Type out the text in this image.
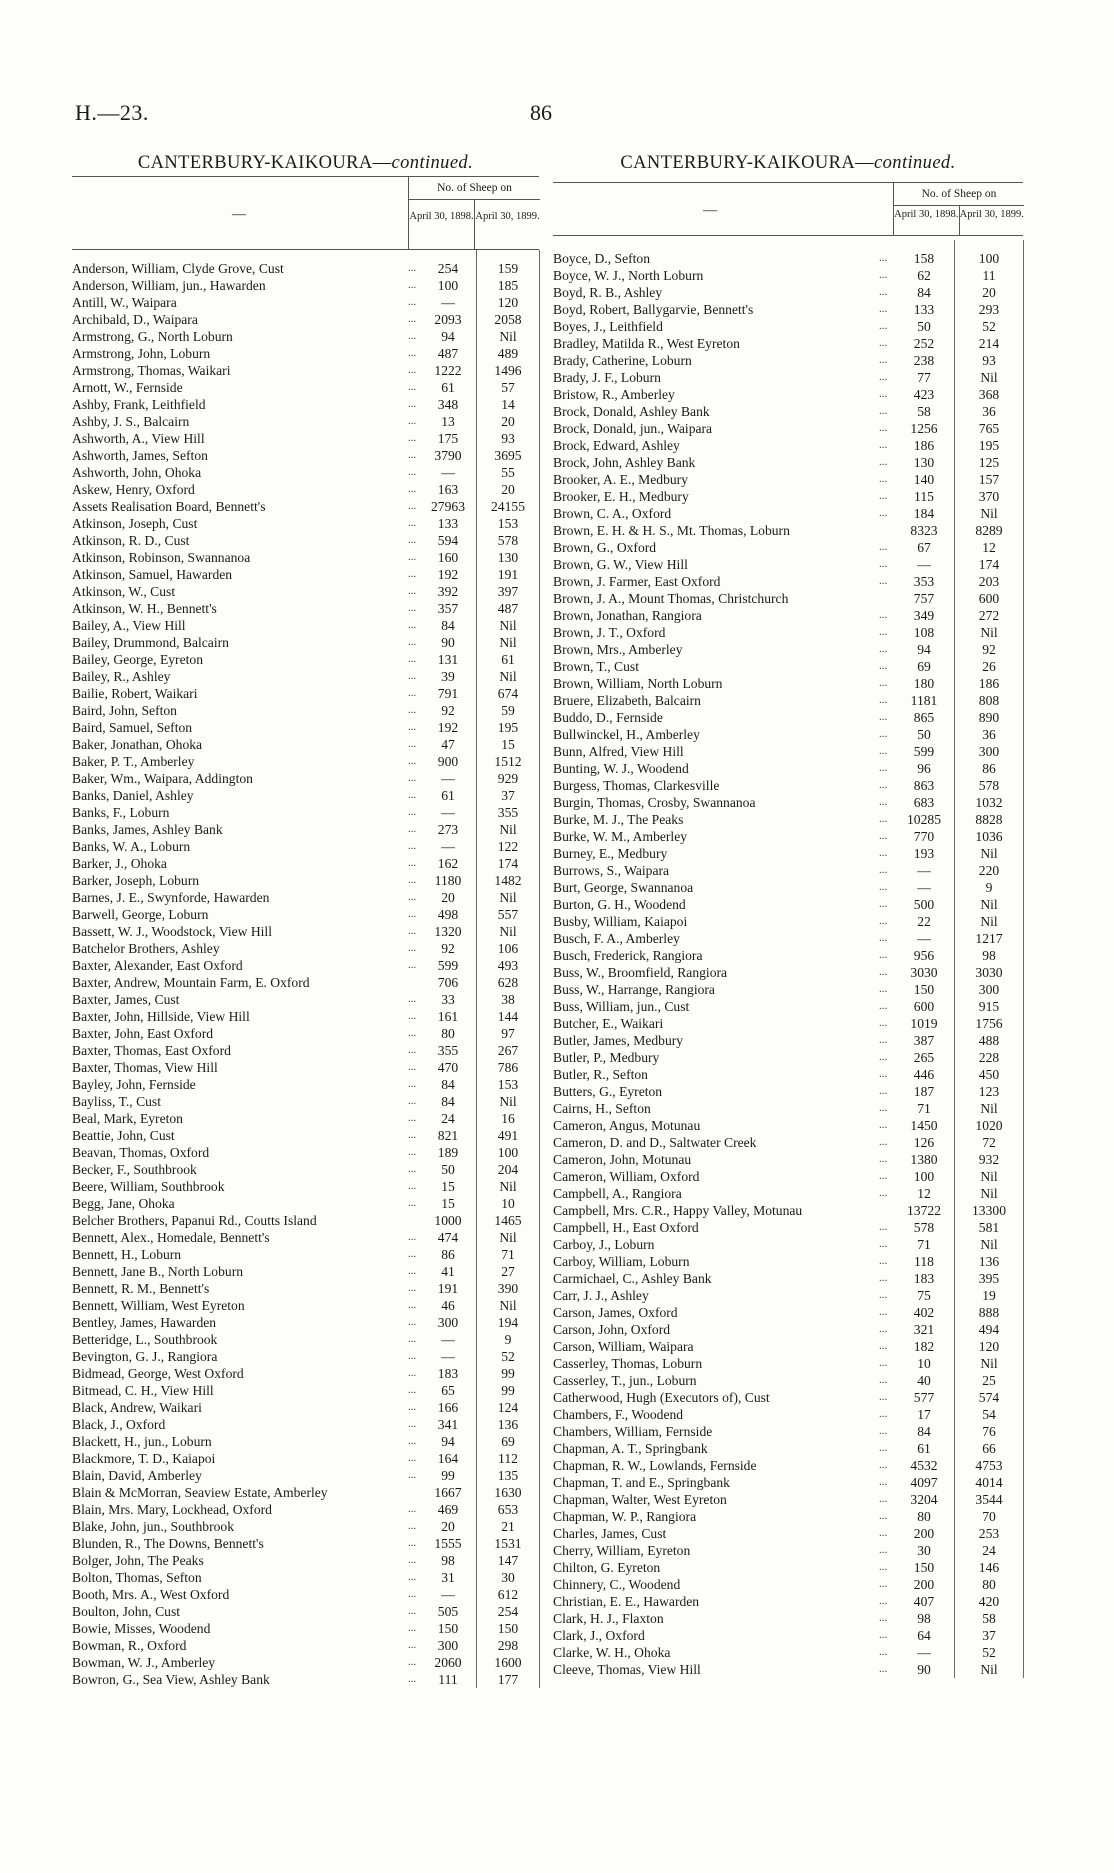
H.—23.	86
CANTERBURY-KAIKOURA—continued.
—
No. of Sheep on
April 30, 1898. April 30, 1899.
Anderson, William, Clyde Grove, Cust	...	254	159
Anderson, William, jun., Hawarden	...	100	185
Antill, W., Waipara	...	—	120
Archibald, D., Waipara	...	2093	2058
Armstrong, G., North Loburn	...	94	Nil
Armstrong, John, Loburn	...	487	489
Armstrong, Thomas, Waikari	...	1222	1496
Arnott, W., Fernside	...	61	57
Ashby, Frank, Leithfield	...	348	14
Ashby, J. S., Balcairn	...	13	20
Ashworth, A., View Hill	...	175	93
Ashworth, James, Sefton	...	3790	3695
Ashworth, John, Ohoka	...	—	55
Askew, Henry, Oxford	...	163	20
Assets Realisation Board, Bennett's	...	27963	24155
Atkinson, Joseph, Cust	...	133	153
Atkinson, R. D., Cust	...	594	578
Atkinson, Robinson, Swannanoa	...	160	130
Atkinson, Samuel, Hawarden	...	192	191
Atkinson, W., Cust	...	392	397
Atkinson, W. H., Bennett's	...	357	487
Bailey, A., View Hill	...	84	Nil
Bailey, Drummond, Balcairn	...	90	Nil
Bailey, George, Eyreton	...	131	61
Bailey, R., Ashley	...	39	Nil
Bailie, Robert, Waikari	...	791	674
Baird, John, Sefton	...	92	59
Baird, Samuel, Sefton	...	192	195
Baker, Jonathan, Ohoka	...	47	15
Baker, P. T., Amberley	...	900	1512
Baker, Wm., Waipara, Addington	...	—	929
Banks, Daniel, Ashley	...	61	37
Banks, F., Loburn	...	—	355
Banks, James, Ashley Bank	...	273	Nil
Banks, W. A., Loburn	...	—	122
Barker, J., Ohoka	...	162	174
Barker, Joseph, Loburn	...	1180	1482
Barnes, J. E., Swynforde, Hawarden	...	20	Nil
Barwell, George, Loburn	...	498	557
Bassett, W. J., Woodstock, View Hill	...	1320	Nil
Batchelor Brothers, Ashley	...	92	106
Baxter, Alexander, East Oxford	...	599	493
Baxter, Andrew, Mountain Farm, E. Oxford	706	628
Baxter, James, Cust	...	33	38
Baxter, John, Hillside, View Hill	...	161	144
Baxter, John, East Oxford	...	80	97
Baxter, Thomas, East Oxford	...	355	267
Baxter, Thomas, View Hill	...	470	786
Bayley, John, Fernside	...	84	153
Bayliss, T., Cust	...	84	Nil
Beal, Mark, Eyreton	...	24	16
Beattie, John, Cust	...	821	491
Beavan, Thomas, Oxford	...	189	100
Becker, F., Southbrook	...	50	204
Beere, William, Southbrook	...	15	Nil
Begg, Jane, Ohoka	...	15	10
Belcher Brothers, Papanui Rd., Coutts Island	1000	1465
Bennett, Alex., Homedale, Bennett's	...	474	Nil
Bennett, H., Loburn	...	86	71
Bennett, Jane B., North Loburn	...	41	27
Bennett, R. M., Bennett's	...	191	390
Bennett, William, West Eyreton	...	46	Nil
Bentley, James, Hawarden	...	300	194
Betteridge, L., Southbrook	...	—	9
Bevington, G. J., Rangiora	...	—	52
Bidmead, George, West Oxford	...	183	99
Bitmead, C. H., View Hill	...	65	99
Black, Andrew, Waikari	...	166	124
Black, J., Oxford	...	341	136
Blackett, H., jun., Loburn	...	94	69
Blackmore, T. D., Kaiapoi	...	164	112
Blain, David, Amberley	...	99	135
Blain & McMorran, Seaview Estate, Amberley	1667	1630
Blain, Mrs. Mary, Lockhead, Oxford	...	469	653
Blake, John, jun., Southbrook	...	20	21
Blunden, R., The Downs, Bennett's	...	1555	1531
Bolger, John, The Peaks	...	98	147
Bolton, Thomas, Sefton	...	31	30
Booth, Mrs. A., West Oxford	...	—	612
Boulton, John, Cust	...	505	254
Bowie, Misses, Woodend	...	150	150
Bowman, R., Oxford	...	300	298
Bowman, W. J., Amberley	...	2060	1600
Bowron, G., Sea View, Ashley Bank	...	111	177
CANTERBURY-KAIKOURA—continued.
—
No. of Sheep on
April 30, 1898. April 30, 1899.
Boyce, D., Sefton	...	158	100
Boyce, W. J., North Loburn	...	62	11
Boyd, R. B., Ashley	...	84	20
Boyd, Robert, Ballygarvie, Bennett's	...	133	293
Boyes, J., Leithfield	...	50	52
Bradley, Matilda R., West Eyreton	...	252	214
Brady, Catherine, Loburn	...	238	93
Brady, J. F., Loburn	...	77	Nil
Bristow, R., Amberley	...	423	368
Brock, Donald, Ashley Bank	...	58	36
Brock, Donald, jun., Waipara	...	1256	765
Brock, Edward, Ashley	...	186	195
Brock, John, Ashley Bank	...	130	125
Brooker, A. E., Medbury	...	140	157
Brooker, E. H., Medbury	...	115	370
Brown, C. A., Oxford	...	184	Nil
Brown, E. H. & H. S., Mt. Thomas, Loburn	8323	8289
Brown, G., Oxford	...	67	12
Brown, G. W., View Hill	...	—	174
Brown, J. Farmer, East Oxford	...	353	203
Brown, J. A., Mount Thomas, Christchurch	757	600
Brown, Jonathan, Rangiora	...	349	272
Brown, J. T., Oxford	...	108	Nil
Brown, Mrs., Amberley	...	94	92
Brown, T., Cust	...	69	26
Brown, William, North Loburn	...	180	186
Bruere, Elizabeth, Balcairn	...	1181	808
Buddo, D., Fernside	...	865	890
Bullwinckel, H., Amberley	...	50	36
Bunn, Alfred, View Hill	...	599	300
Bunting, W. J., Woodend	...	96	86
Burgess, Thomas, Clarkesville	...	863	578
Burgin, Thomas, Crosby, Swannanoa	...	683	1032
Burke, M. J., The Peaks	...	10285	8828
Burke, W. M., Amberley	...	770	1036
Burney, E., Medbury	...	193	Nil
Burrows, S., Waipara	...	—	220
Burt, George, Swannanoa	...	—	9
Burton, G. H., Woodend	...	500	Nil
Busby, William, Kaiapoi	...	22	Nil
Busch, F. A., Amberley	...	—	1217
Busch, Frederick, Rangiora	...	956	98
Buss, W., Broomfield, Rangiora	...	3030	3030
Buss, W., Harrange, Rangiora	...	150	300
Buss, William, jun., Cust	...	600	915
Butcher, E., Waikari	...	1019	1756
Butler, James, Medbury	...	387	488
Butler, P., Medbury	...	265	228
Butler, R., Sefton	...	446	450
Butters, G., Eyreton	...	187	123
Cairns, H., Sefton	...	71	Nil
Cameron, Angus, Motunau	...	1450	1020
Cameron, D. and D., Saltwater Creek	...	126	72
Cameron, John, Motunau	...	1380	932
Cameron, William, Oxford	...	100	Nil
Campbell, A., Rangiora	...	12	Nil
Campbell, Mrs. C.R., Happy Valley, Motunau	13722	13300
Campbell, H., East Oxford	...	578	581
Carboy, J., Loburn	...	71	Nil
Carboy, William, Loburn	...	118	136
Carmichael, C., Ashley Bank	...	183	395
Carr, J. J., Ashley	...	75	19
Carson, James, Oxford	...	402	888
Carson, John, Oxford	...	321	494
Carson, William, Waipara	...	182	120
Casserley, Thomas, Loburn	...	10	Nil
Casserley, T., jun., Loburn	...	40	25
Catherwood, Hugh (Executors of), Cust	...	577	574
Chambers, F., Woodend	...	17	54
Chambers, William, Fernside	...	84	76
Chapman, A. T., Springbank	...	61	66
Chapman, R. W., Lowlands, Fernside	...	4532	4753
Chapman, T. and E., Springbank	...	4097	4014
Chapman, Walter, West Eyreton	...	3204	3544
Chapman, W. P., Rangiora	...	80	70
Charles, James, Cust	...	200	253
Cherry, William, Eyreton	...	30	24
Chilton, G. Eyreton	...	150	146
Chinnery, C., Woodend	...	200	80
Christian, E. E., Hawarden	...	407	420
Clark, H. J., Flaxton	...	98	58
Clark, J., Oxford	...	64	37
Clarke, W. H., Ohoka	...	—	52
Cleeve, Thomas, View Hill	...	90	Nil
